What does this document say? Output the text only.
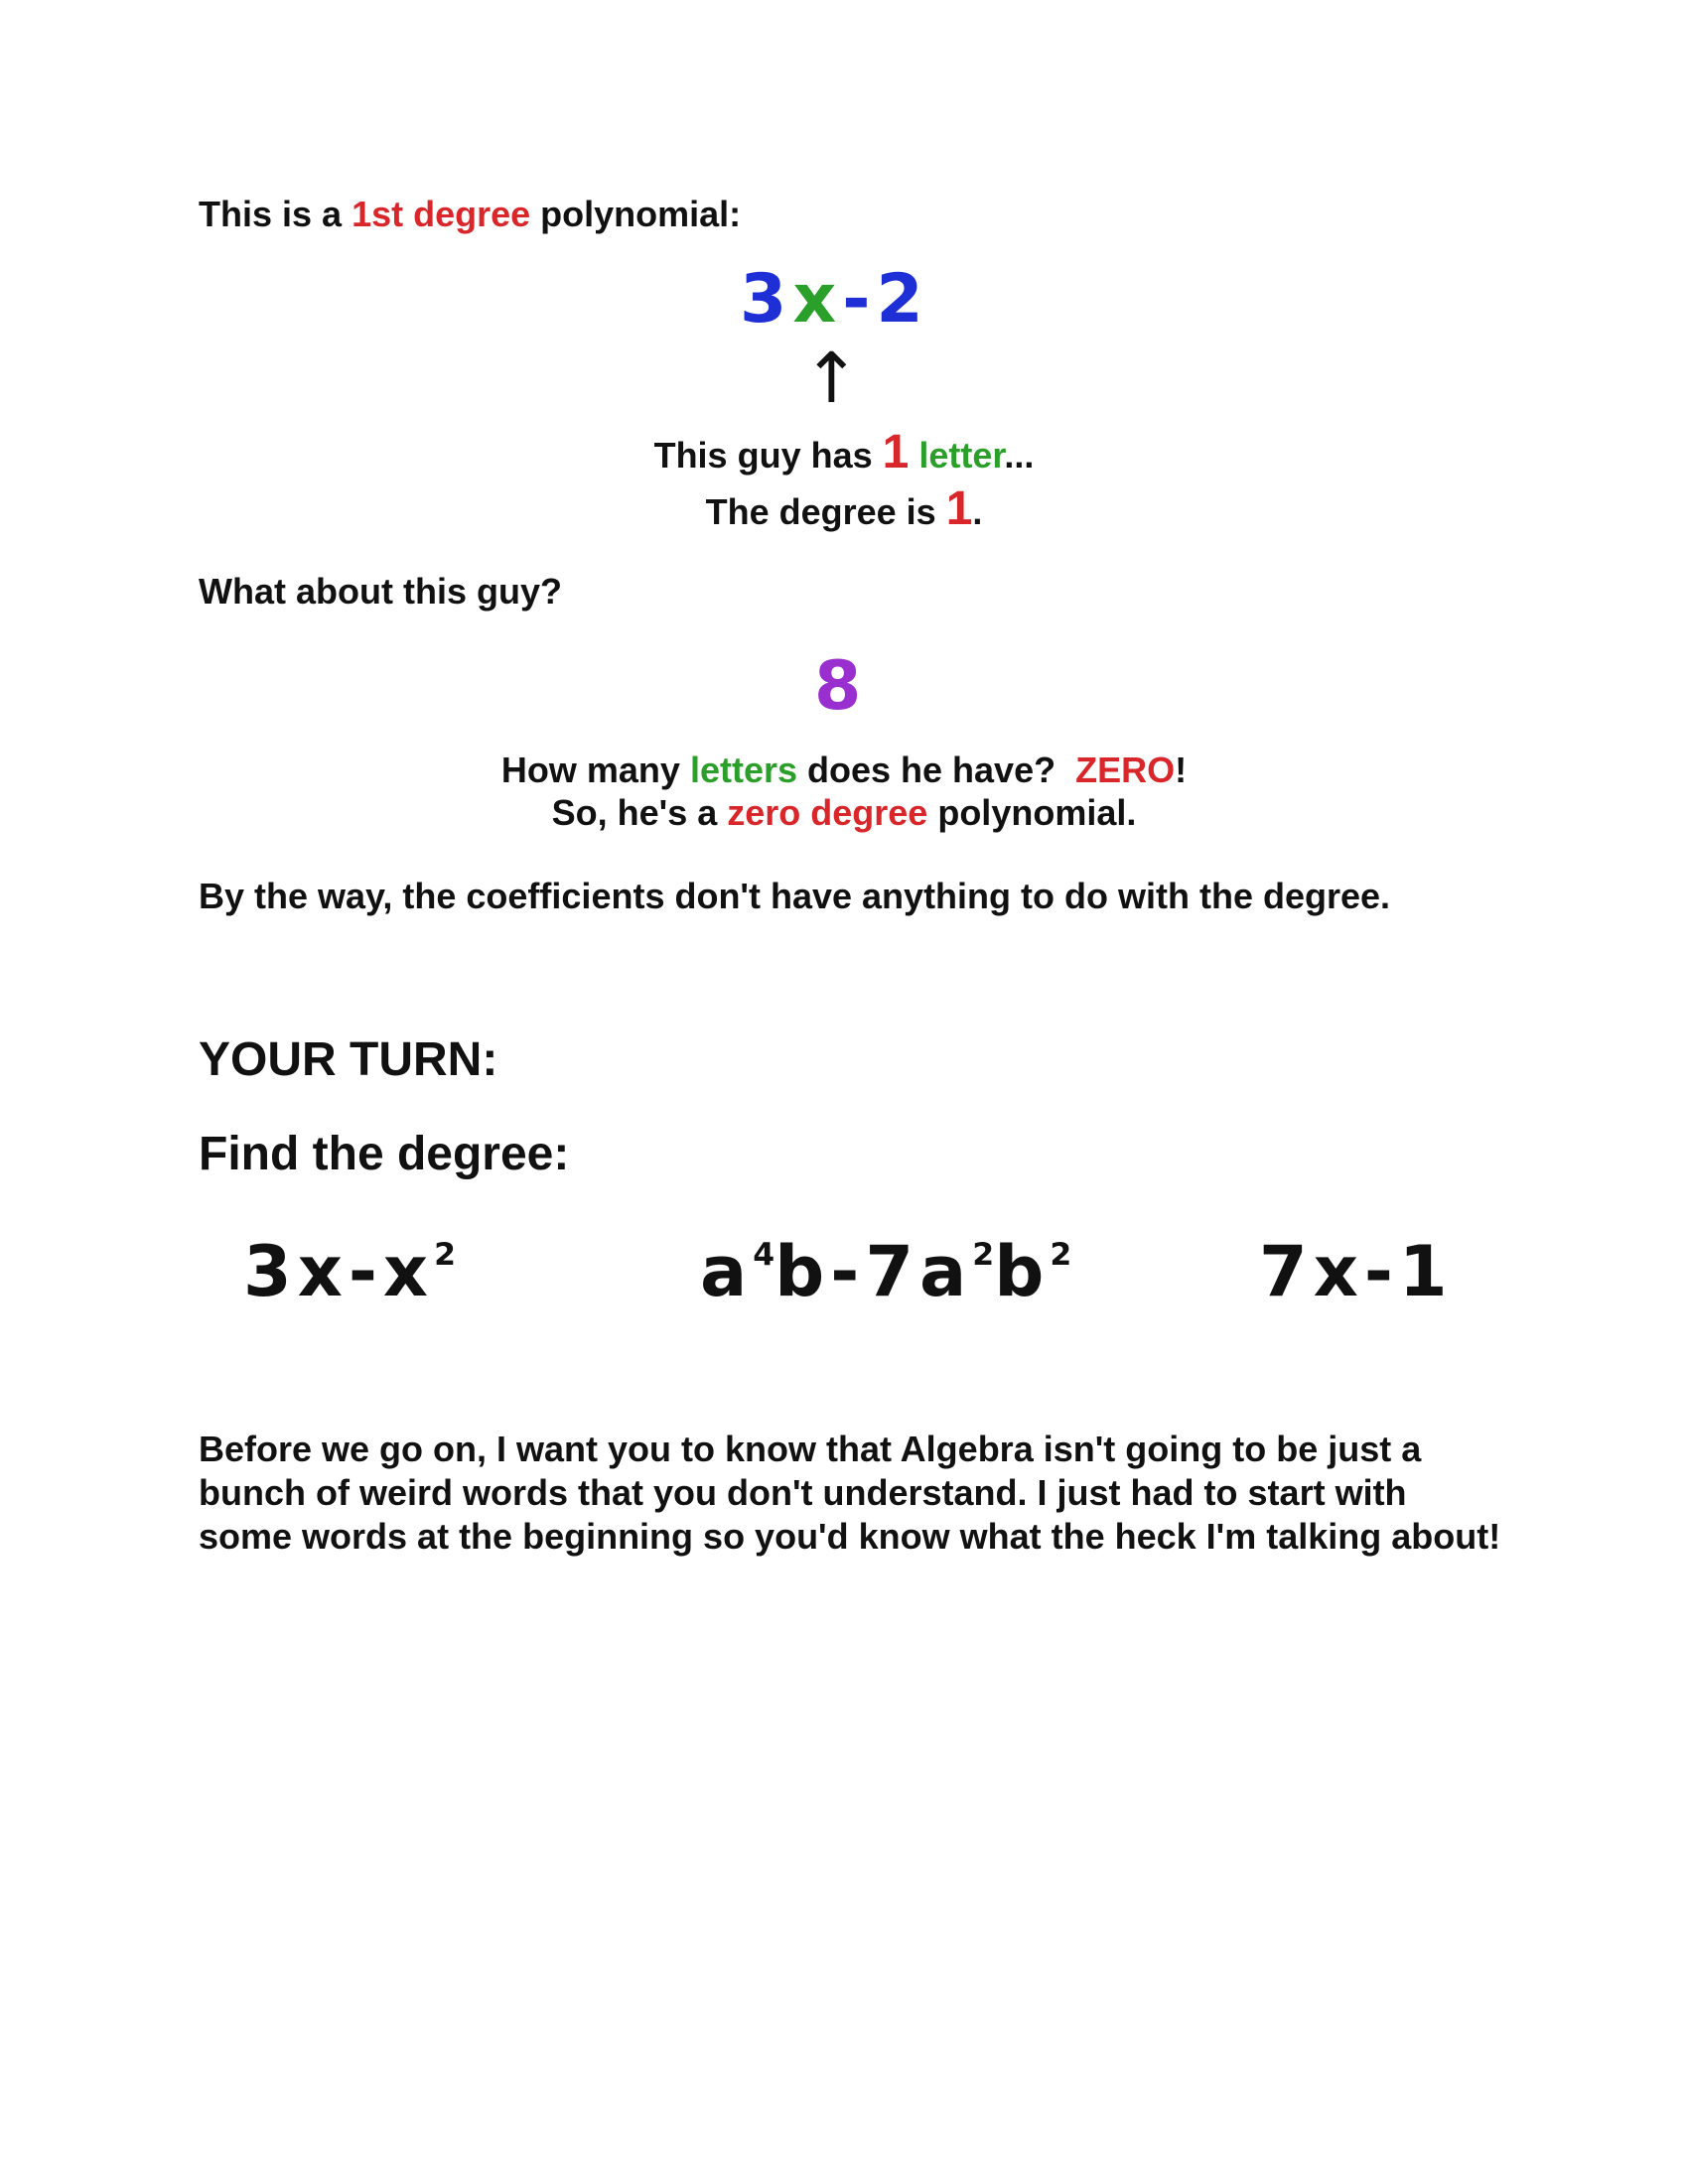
This is a 1st degree polynomial:
3x-2
↑
This guy has 1 letter...
The degree is 1.
What about this guy?
8
How many letters does he have?  ZERO!
So, he's a zero degree polynomial.
By the way, the coefficients don't have anything to do with the degree.
YOUR TURN:
Find the degree:
$3x-x^2$	$a^4b-7a^2b^2$	7x-1
Before we go on, I want you to know that Algebra isn't going to be just a bunch of weird words that you don't understand. I just had to start with some words at the beginning so you'd know what the heck I'm talking about!
